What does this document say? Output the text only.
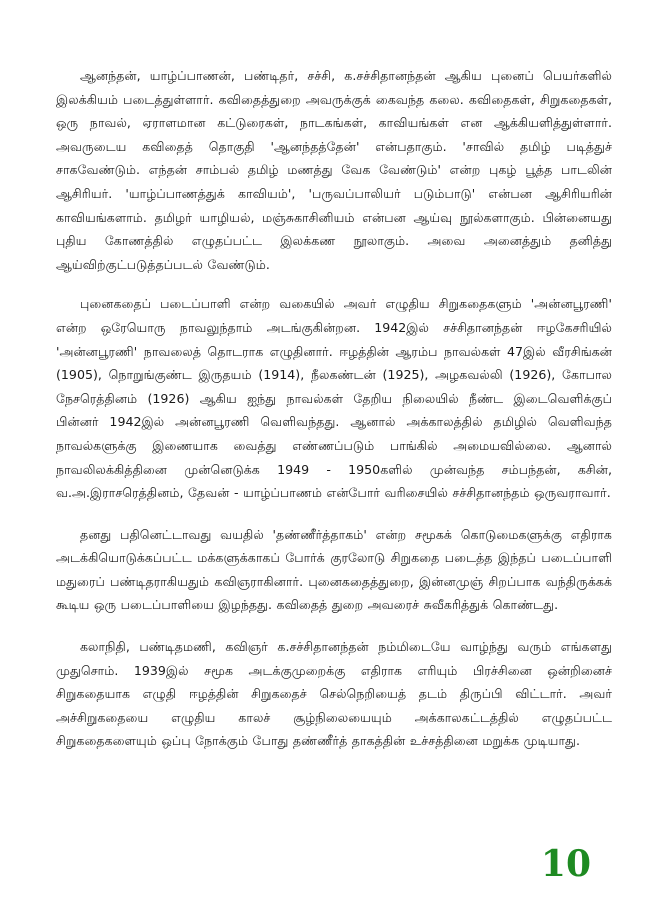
ஆனந்தன், யாழ்ப்பாணன், பண்டிதர், சச்சி, க.சச்சிதானந்தன் ஆகிய புனைப் பெயர்களில் இலக்கியம் படைத்துள்ளார். கவிதைத்துறை அவருக்குக் கைவந்த கலை. கவிதைகள், சிறுகதைகள், ஒரு நாவல், ஏராளமான கட்டுரைகள், நாடகங்கள், காவியங்கள் என ஆக்கியளித்துள்ளார். அவருடைய கவிதைத் தொகுதி 'ஆனந்தத்தேன்' என்பதாகும். 'சாவில் தமிழ் படித்துச் சாகவேண்டும். எந்தன் சாம்பல் தமிழ் மணத்து வேக வேண்டும்' என்ற புகழ் பூத்த பாடலின் ஆசிரியர். 'யாழ்ப்பாணத்துக் காவியம்', 'பருவப்பாலியர் படும்பாடு' என்பன ஆசிரியரின் காவியங்களாம். தமிழர் யாழியல், மஞ்சுகாசினியம் என்பன ஆய்வு நூல்களாகும். பின்னையது புதிய கோணத்தில் எழுதப்பட்ட இலக்கண நூலாகும். அவை அனைத்தும் தனித்து ஆய்விற்குட்படுத்தப்படல் வேண்டும்.

புனைகதைப் படைப்பாளி என்ற வகையில் அவர் எழுதிய சிறுகதைகளும் 'அன்னபூரணி' என்ற ஒரேயொரு நாவலுந்தாம் அடங்குகின்றன. 1942இல் சச்சிதானந்தன் ஈழகேசரியில் 'அன்னபூரணி' நாவலைத் தொடராக எழுதினார். ஈழத்தின் ஆரம்ப நாவல்கள் 47இல் வீரசிங்கன் (1905), நொறுங்குண்ட இருதயம் (1914), நீலகண்டன் (1925), அழகவல்லி (1926), கோபால நேசரெத்தினம் (1926) ஆகிய ஐந்து நாவல்கள் தேறிய நிலையில் நீண்ட இடைவெளிக்குப் பின்னர் 1942இல் அன்னபூரணி வெளிவந்தது. ஆனால் அக்காலத்தில் தமிழில் வெளிவந்த நாவல்களுக்கு இணையாக வைத்து எண்ணப்படும் பாங்கில் அமையவில்லை. ஆனால் நாவலிலக்கித்தினை முன்னெடுக்க 1949 - 1950களில் முன்வந்த சம்பந்தன், கசின், வ.அ.இராசரெத்தினம், தேவன் - யாழ்ப்பாணம் என்போர் வரிசையில் சச்சிதானந்தம் ஒருவராவார்.

தனது பதினெட்டாவது வயதில் 'தண்ணீர்த்தாகம்' என்ற சமூகக் கொடுமைகளுக்கு எதிராக அடக்கியொடுக்கப்பட்ட மக்களுக்காகப் போர்க் குரலோடு சிறுகதை படைத்த இந்தப் படைப்பாளி மதுரைப் பண்டிதராகியதும் கவிஞராகினார். புனைகதைத்துறை, இன்னமுஞ் சிறப்பாக வந்திருக்கக் கூடிய ஒரு படைப்பாளியை இழந்தது. கவிதைத் துறை அவரைச் சுவீகரித்துக் கொண்டது.

கலாநிதி, பண்டிதமணி, கவிஞர் க.சச்சிதானந்தன் நம்மிடையே வாழ்ந்து வரும் எங்களது முதுசொம். 1939இல் சமூக அடக்குமுறைக்கு எதிராக எரியும் பிரச்சினை ஒன்றினைச் சிறுகதையாக எழுதி ஈழத்தின் சிறுகதைச் செல்நெறியைத் தடம் திருப்பி விட்டார். அவர் அச்சிறுகதையை எழுதிய காலச் சூழ்நிலையையும் அக்காலகட்டத்தில் எழுதப்பட்ட சிறுகதைகளையும் ஒப்பு நோக்கும் போது தண்ணீர்த் தாகத்தின் உச்சத்தினை மறுக்க முடியாது.

10
